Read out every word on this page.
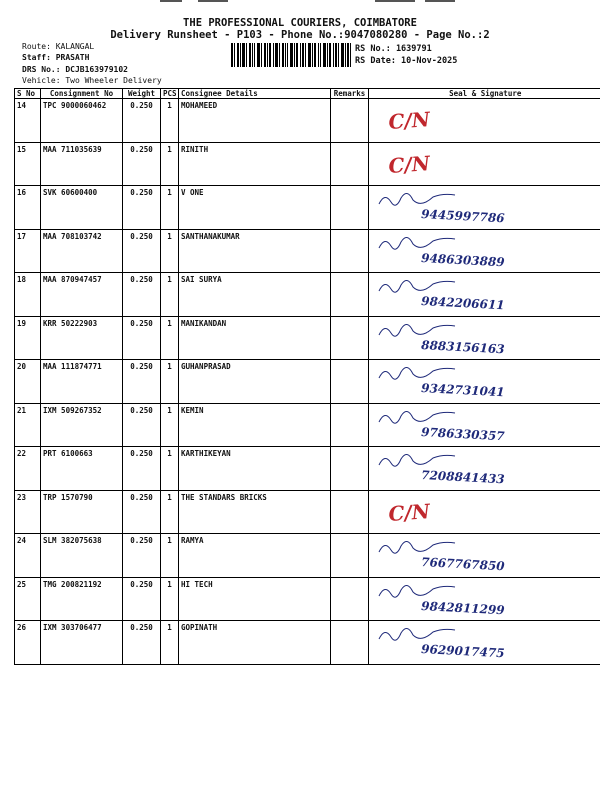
THE PROFESSIONAL COURIERS, COIMBATORE
Delivery Runsheet - P103 - Phone No.:9047080280 - Page No.:2
Route: KALANGAL
Staff: PRASATH
DRS No.: DCJB163979102
Vehicle: Two Wheeler Delivery
RS No.: 1639791
RS Date: 10-Nov-2025
S No	Consignment No	Weight	PCS	Consignee Details	Remarks	Seal & Signature
14	TPC 9000060462	0.250	1	MOHAMEED		C/N

15	MAA 711035639	0.250	1	RINITH		C/N

16	SVK 60600400	0.250	1	V ONE		9445997786

17	MAA 708103742	0.250	1	SANTHANAKUMAR		9486303889

18	MAA 870947457	0.250	1	SAI SURYA		9842206611

19	KRR 50222903	0.250	1	MANIKANDAN		8883156163

20	MAA 111874771	0.250	1	GUHANPRASAD		9342731041

21	IXM 509267352	0.250	1	KEMIN		9786330357

22	PRT 6100663	0.250	1	KARTHIKEYAN		7208841433

23	TRP 1570790	0.250	1	THE STANDARS BRICKS		C/N

24	SLM 382075638	0.250	1	RAMYA		7667767850

25	TMG 200821192	0.250	1	HI TECH		9842811299

26	IXM 303706477	0.250	1	GOPINATH		9629017475
